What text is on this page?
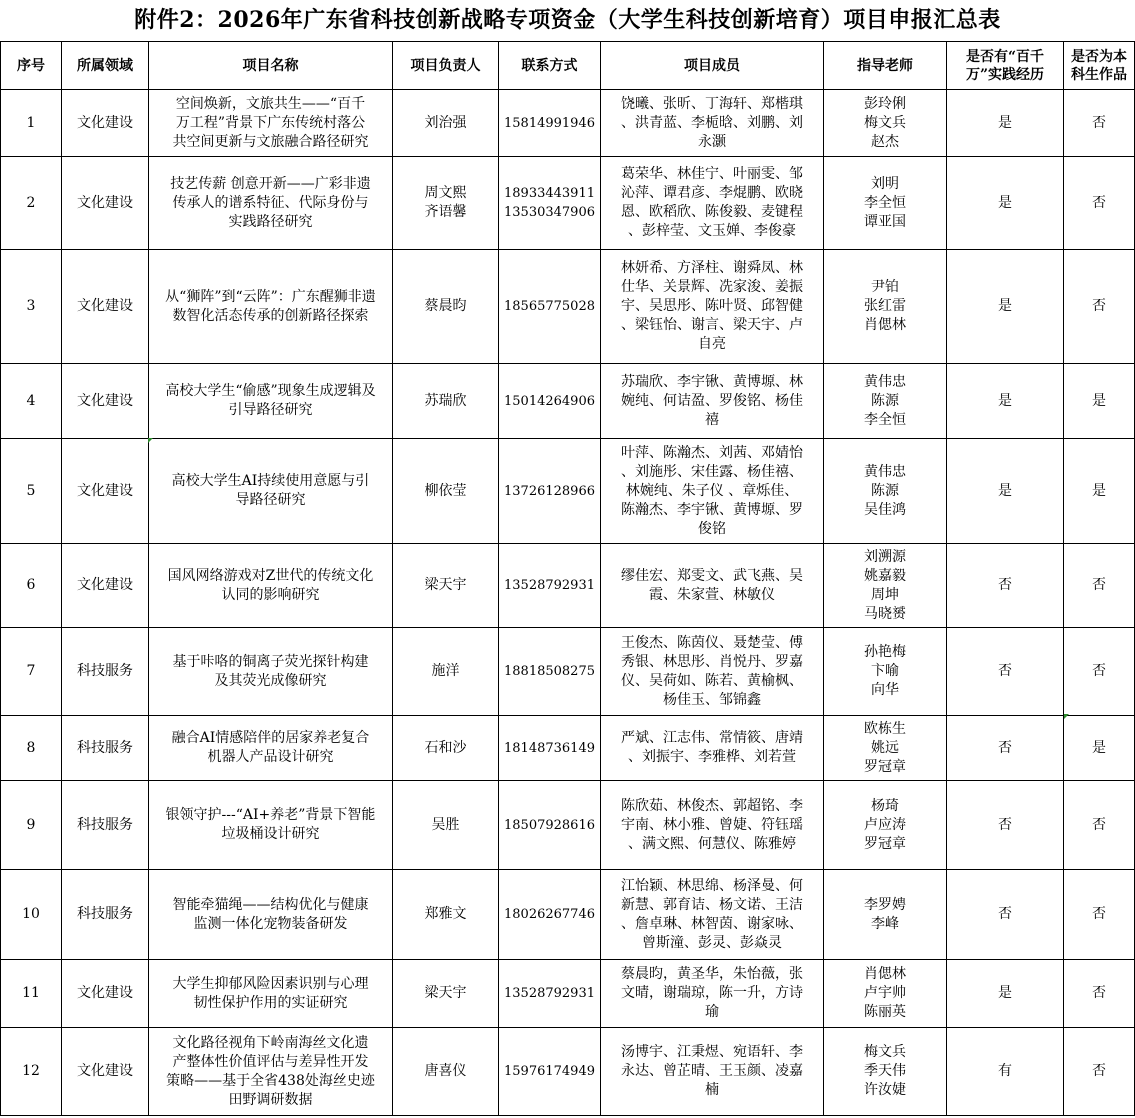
附件2：2026年广东省科技创新战略专项资金（大学生科技创新培育）项目申报汇总表
序号	所属领域	项目名称	项目负责人	联系方式	项目成员	指导老师	是否有“百千万”实践经历	是否为本科生作品
1	文化建设	空间焕新，文旅共生——“百千
万工程”背景下广东传统村落公
共空间更新与文旅融合路径研究	刘治强	15814991946	饶曦、张昕、丁海轩、郑楷琪
、洪青蓝、李栀晗、刘鹏、刘
永灏	彭玲俐
梅文兵
赵杰	是	否
2	文化建设	技艺传薪 创意开新——广彩非遗
传承人的谱系特征、代际身份与
实践路径研究	周文熙
齐语馨	18933443911
13530347906	葛荣华、林佳宁、叶丽雯、邹
沁萍、谭君彦、李焜鹏、欧晓
恩、欧稻欣、陈俊毅、麦键程
、彭梓莹、文玉婵、李俊豪	刘明
李全恒
谭亚国	是	否
3	文化建设	从“狮阵”到“云阵”：广东醒狮非遗
数智化活态传承的创新路径探索	蔡晨昀	18565775028	林妍希、方泽柱、谢舜凤、林
仕华、关景辉、冼家浚、姜振
宇、吴思彤、陈叶贤、邱智健
、梁钰怡、谢言、梁天宇、卢
自亮	尹铂
张红雷
肖偲林	是	否
4	文化建设	高校大学生“偷感”现象生成逻辑及
引导路径研究	苏瑞欣	15014264906	苏瑞欣、李宇锹、黄博塬、林
婉纯、何诘盈、罗俊铭、杨佳
禧	黄伟忠
陈源
李全恒	是	是
5	文化建设	高校大学生AI持续使用意愿与引
导路径研究	柳依莹	13726128966	叶萍、陈瀚杰、刘茜、邓婧怡
、刘施彤、宋佳露、杨佳禧、
林婉纯、朱子仪 、章烁佳、
陈瀚杰、李宇锹、黄博塬、罗
俊铭	黄伟忠
陈源
吴佳鸿	是	是
6	文化建设	国风网络游戏对Z世代的传统文化
认同的影响研究	梁天宇	13528792931	缪佳宏、郑雯文、武飞燕、吴
霞、朱家萱、林敏仪	刘溯源
姚嘉毅
周坤
马晓赟	否	否
7	科技服务	基于咔咯的铜离子荧光探针构建
及其荧光成像研究	施洋	18818508275	王俊杰、陈茵仪、聂楚莹、傅
秀银、林思彤、肖悦丹、罗嘉
仪、吴荷如、陈若、黄榆枫、
杨佳玉、邹锦鑫	孙艳梅
卞喻
向华	否	否
8	科技服务	融合AI情感陪伴的居家养老复合
机器人产品设计研究	石和沙	18148736149	严斌、江志伟、常情筱、唐靖
、刘振宇、李雅桦、刘若萱	欧栋生
姚远
罗冠章	否	是
9	科技服务	银领守护---“AI+养老”背景下智能
垃圾桶设计研究	吴胜	18507928616	陈欣茹、林俊杰、郭超铭、李
宇南、林小雅、曾婕、符钰瑶
、满文熙、何慧仪、陈雅婷	杨琦
卢应涛
罗冠章	否	否
10	科技服务	智能牵猫绳——结构优化与健康
监测一体化宠物装备研发	郑雅文	18026267746	江怡颖、林思绵、杨泽曼、何
新慧、郭育诘、杨文诺、王洁
、詹卓琳、林智茵、谢家咏、
曾斯潼、彭灵、彭焱灵	李罗娉
李峰	否	否
11	文化建设	大学生抑郁风险因素识别与心理
韧性保护作用的实证研究	梁天宇	13528792931	蔡晨昀，黄圣华，朱怡薇，张
文晴，谢瑞琼，陈一升，方诗
瑜	肖偲林
卢宇帅
陈丽英	是	否
12	文化建设	文化路径视角下岭南海丝文化遗
产整体性价值评估与差异性开发
策略——基于全省438处海丝史迹
田野调研数据	唐喜仪	15976174949	汤博宇、江秉煜、宛语轩、李
永达、曾芷晴、王玉颜、凌嘉
楠	梅文兵
季天伟
许汝婕	有	否
